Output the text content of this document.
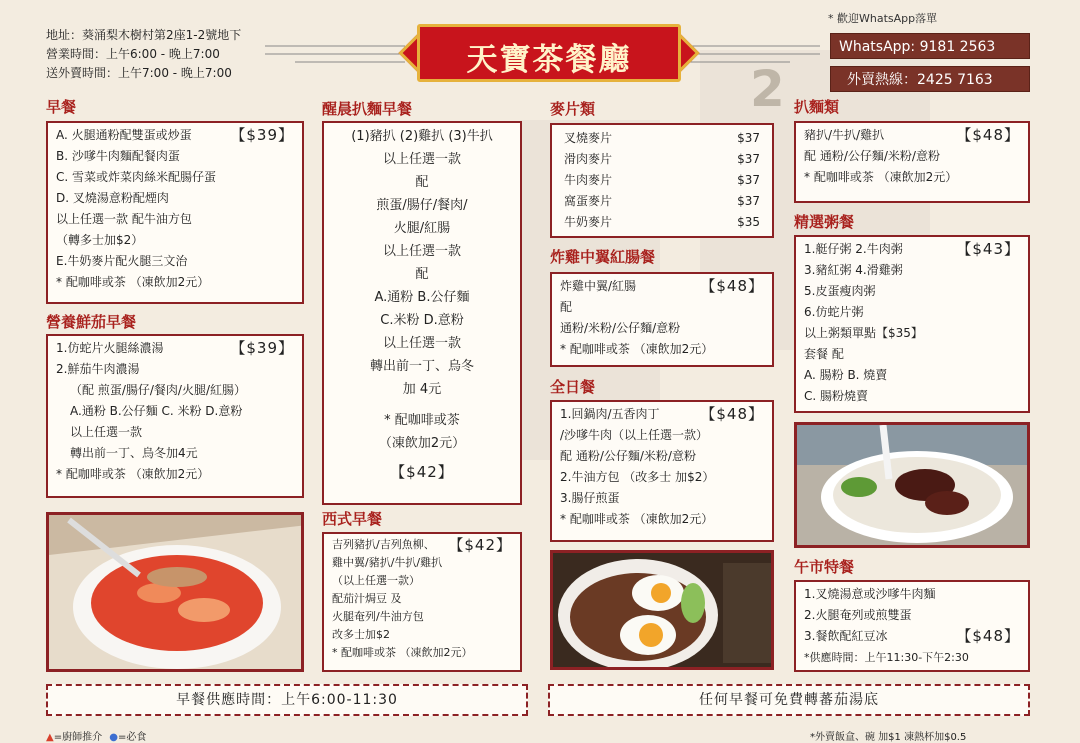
2
地址：葵涌梨木樹村第2座1-2號地下
營業時間：上午6:00 - 晚上7:00
送外賣時間：上午7:00 - 晚上7:00	天寶茶餐廳
* 歡迎WhatsApp落單
WhatsApp: 9181 2563
外賣熱線：2425 7163
早餐
A. 火腿通粉配雙蛋或炒蛋	【$39】
B. 沙嗲牛肉麵配餐肉蛋
C. 雪菜或炸菜肉絲米配腸仔蛋
D. 叉燒湯意粉配煙肉
以上任選一款 配牛油方包
（轉多士加$2）
E.牛奶麥片配火腿三文治
* 配咖啡或茶 （凍飲加2元）
營養鮮茄早餐
1.仿蛇片火腿絲濃湯	【$39】
2.鮮茄牛肉濃湯
（配 煎蛋/腸仔/餐肉/火腿/紅腸）
A.通粉 B.公仔麵 C. 米粉 D.意粉
以上任選一款
轉出前一丁、烏冬加4元
* 配咖啡或茶 （凍飲加2元）
醒晨扒麵早餐
(1)豬扒 (2)雞扒 (3)牛扒
以上任選一款
配
煎蛋/腸仔/餐肉/
火腿/紅腸
以上任選一款
配
A.通粉 B.公仔麵
C.米粉 D.意粉
以上任選一款
轉出前一丁、烏冬
加 4元
* 配咖啡或茶
（凍飲加2元）
【$42】
西式早餐
吉列豬扒/吉列魚柳、 【$42】
雞中翼/豬扒/牛扒/雞扒
（以上任選一款）
配茄汁焗豆 及
火腿奄列/牛油方包
改多士加$2
* 配咖啡或茶 （凍飲加2元）
麥片類
叉燒麥片	$37
滑肉麥片	$37
牛肉麥片	$37
窩蛋麥片	$37
牛奶麥片	$35
炸雞中翼紅腸餐
炸雞中翼/紅腸	【$48】
配
通粉/米粉/公仔麵/意粉
* 配咖啡或茶 （凍飲加2元）
全日餐
1.回鍋肉/五香肉丁	【$48】
/沙嗲牛肉（以上任選一款）
配 通粉/公仔麵/米粉/意粉
2.牛油方包 （改多士 加$2）
3.腸仔煎蛋
* 配咖啡或茶 （凍飲加2元）
扒麵類
豬扒/牛扒/雞扒	【$48】
配 通粉/公仔麵/米粉/意粉
* 配咖啡或茶 （凍飲加2元）
精選粥餐
1.艇仔粥 2.牛肉粥	【$43】
3.豬紅粥 4.滑雞粥
5.皮蛋瘦肉粥
6.仿蛇片粥
以上粥類單點【$35】
套餐 配
A. 腸粉 B. 燒賣
C. 腸粉燒賣
午市特餐
1.叉燒湯意或沙嗲牛肉麵
2.火腿奄列或煎雙蛋
3.餐飲配紅豆冰	【$48】
*供應時間：上午11:30-下午2:30
早餐供應時間：上午6:00-11:30	任何早餐可免費轉蕃茄湯底
▲=廚師推介 ●=必食	*外賣飯盒、碗 加$1 凍熱杯加$0.5
